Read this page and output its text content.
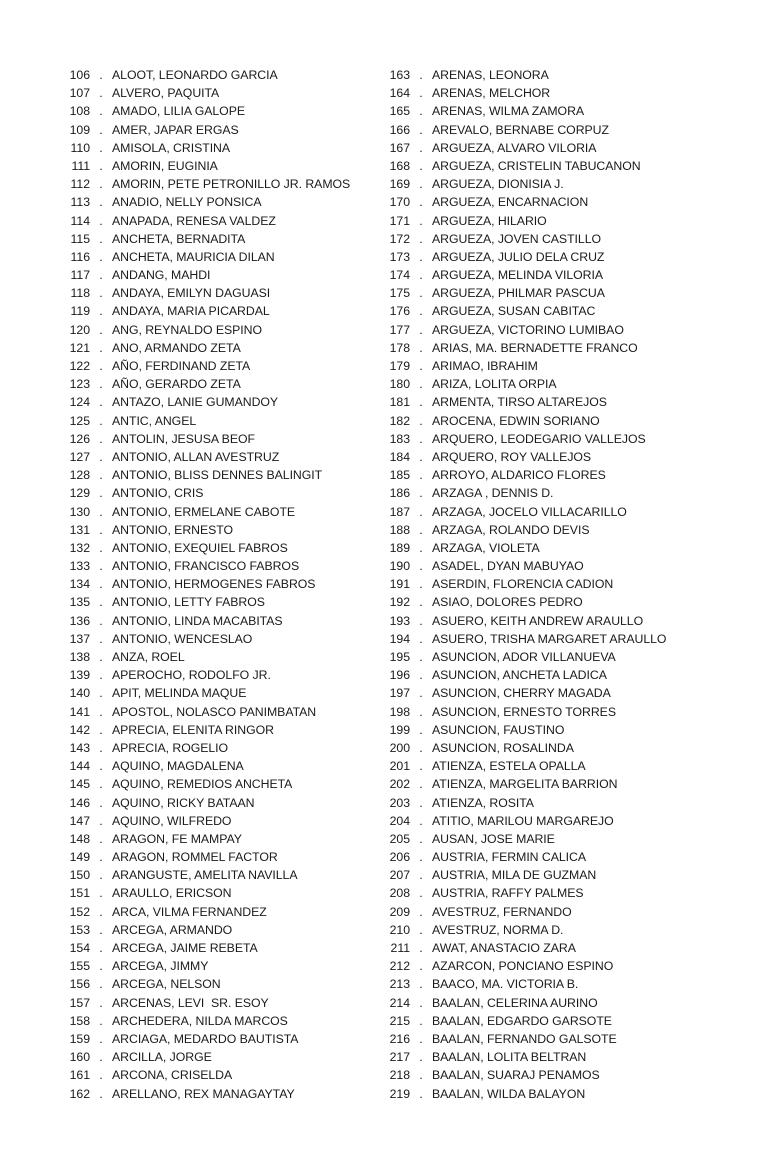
106 . ALOOT, LEONARDO GARCIA
107 . ALVERO, PAQUITA
108 . AMADO, LILIA GALOPE
109 . AMER, JAPAR ERGAS
110 . AMISOLA, CRISTINA
111 . AMORIN, EUGINIA
112 . AMORIN, PETE PETRONILLO JR. RAMOS
113 . ANADIO, NELLY PONSICA
114 . ANAPADA, RENESA VALDEZ
115 . ANCHETA, BERNADITA
116 . ANCHETA, MAURICIA DILAN
117 . ANDANG, MAHDI
118 . ANDAYA, EMILYN DAGUASI
119 . ANDAYA, MARIA PICARDAL
120 . ANG, REYNALDO ESPINO
121 . ANO, ARMANDO ZETA
122 . AÑO, FERDINAND ZETA
123 . AÑO, GERARDO ZETA
124 . ANTAZO, LANIE GUMANDOY
125 . ANTIC, ANGEL
126 . ANTOLIN, JESUSA BEOF
127 . ANTONIO, ALLAN AVESTRUZ
128 . ANTONIO, BLISS DENNES BALINGIT
129 . ANTONIO, CRIS
130 . ANTONIO, ERMELANE CABOTE
131 . ANTONIO, ERNESTO
132 . ANTONIO, EXEQUIEL FABROS
133 . ANTONIO, FRANCISCO FABROS
134 . ANTONIO, HERMOGENES FABROS
135 . ANTONIO, LETTY FABROS
136 . ANTONIO, LINDA MACABITAS
137 . ANTONIO, WENCESLAO
138 . ANZA, ROEL
139 . APEROCHO, RODOLFO JR.
140 . APIT, MELINDA MAQUE
141 . APOSTOL, NOLASCO PANIMBATAN
142 . APRECIA, ELENITA RINGOR
143 . APRECIA, ROGELIO
144 . AQUINO, MAGDALENA
145 . AQUINO, REMEDIOS ANCHETA
146 . AQUINO, RICKY BATAAN
147 . AQUINO, WILFREDO
148 . ARAGON, FE MAMPAY
149 . ARAGON, ROMMEL FACTOR
150 . ARANGUSTE, AMELITA NAVILLA
151 . ARAULLO, ERICSON
152 . ARCA, VILMA FERNANDEZ
153 . ARCEGA, ARMANDO
154 . ARCEGA, JAIME REBETA
155 . ARCEGA, JIMMY
156 . ARCEGA, NELSON
157 . ARCENAS, LEVI  SR. ESOY
158 . ARCHEDERA, NILDA MARCOS
159 . ARCIAGA, MEDARDO BAUTISTA
160 . ARCILLA, JORGE
161 . ARCONA, CRISELDA
162 . ARELLANO, REX MANAGAYTAY
163 . ARENAS, LEONORA
164 . ARENAS, MELCHOR
165 . ARENAS, WILMA ZAMORA
166 . AREVALO, BERNABE CORPUZ
167 . ARGUEZA, ALVARO VILORIA
168 . ARGUEZA, CRISTELIN TABUCANON
169 . ARGUEZA, DIONISIA J.
170 . ARGUEZA, ENCARNACION
171 . ARGUEZA, HILARIO
172 . ARGUEZA, JOVEN CASTILLO
173 . ARGUEZA, JULIO DELA CRUZ
174 . ARGUEZA, MELINDA VILORIA
175 . ARGUEZA, PHILMAR PASCUA
176 . ARGUEZA, SUSAN CABITAC
177 . ARGUEZA, VICTORINO LUMIBAO
178 . ARIAS, MA. BERNADETTE FRANCO
179 . ARIMAO, IBRAHIM
180 . ARIZA, LOLITA ORPIA
181 . ARMENTA, TIRSO ALTAREJOS
182 . AROCENA, EDWIN SORIANO
183 . ARQUERO, LEODEGARIO VALLEJOS
184 . ARQUERO, ROY VALLEJOS
185 . ARROYO, ALDARICO FLORES
186 . ARZAGA , DENNIS D.
187 . ARZAGA, JOCELO VILLACARILLO
188 . ARZAGA, ROLANDO DEVIS
189 . ARZAGA, VIOLETA
190 . ASADEL, DYAN MABUYAO
191 . ASERDIN, FLORENCIA CADION
192 . ASIAO, DOLORES PEDRO
193 . ASUERO, KEITH ANDREW ARAULLO
194 . ASUERO, TRISHA MARGARET ARAULLO
195 . ASUNCION, ADOR VILLANUEVA
196 . ASUNCION, ANCHETA LADICA
197 . ASUNCION, CHERRY MAGADA
198 . ASUNCION, ERNESTO TORRES
199 . ASUNCION, FAUSTINO
200 . ASUNCION, ROSALINDA
201 . ATIENZA, ESTELA OPALLA
202 . ATIENZA, MARGELITA BARRION
203 . ATIENZA, ROSITA
204 . ATITIO, MARILOU MARGAREJO
205 . AUSAN, JOSE MARIE
206 . AUSTRIA, FERMIN CALICA
207 . AUSTRIA, MILA DE GUZMAN
208 . AUSTRIA, RAFFY PALMES
209 . AVESTRUZ, FERNANDO
210 . AVESTRUZ, NORMA D.
211 . AWAT, ANASTACIO ZARA
212 . AZARCON, PONCIANO ESPINO
213 . BAACO, MA. VICTORIA B.
214 . BAALAN, CELERINA AURINO
215 . BAALAN, EDGARDO GARSOTE
216 . BAALAN, FERNANDO GALSOTE
217 . BAALAN, LOLITA BELTRAN
218 . BAALAN, SUARAJ PENAMOS
219 . BAALAN, WILDA BALAYON
